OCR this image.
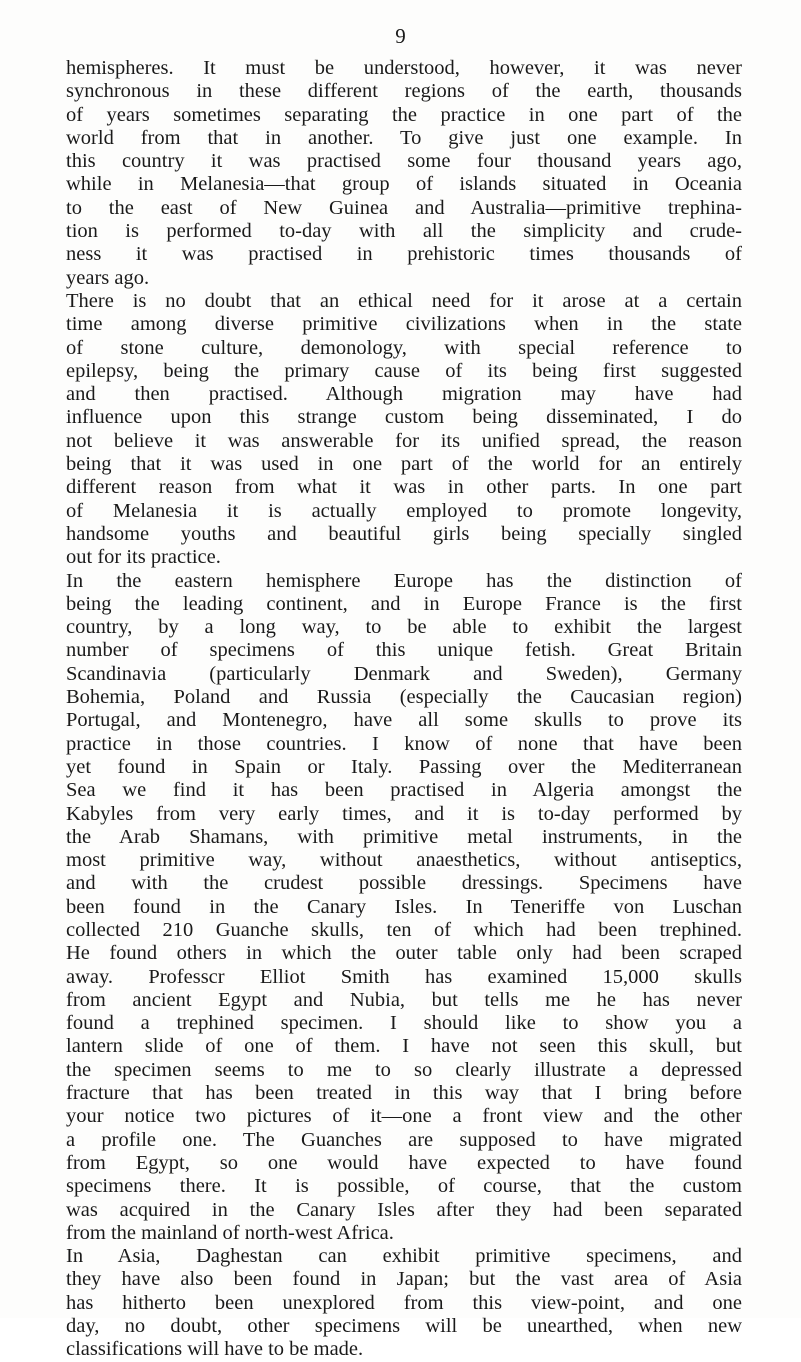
9
hemispheres. It must be understood, however, it was never
synchronous in these different regions of the earth, thousands
of years sometimes separating the practice in one part of the
world from that in another. To give just one example. In
this country it was practised some four thousand years ago,
while in Melanesia—that group of islands situated in Oceania
to the east of New Guinea and Australia—primitive trephina-
tion is performed to-day with all the simplicity and crude-
ness it was practised in prehistoric times thousands of
years ago.
There is no doubt that an ethical need for it arose at a certain
time among diverse primitive civilizations when in the state
of stone culture, demonology, with special reference to
epilepsy, being the primary cause of its being first suggested
and then practised. Although migration may have had
influence upon this strange custom being disseminated, I do
not believe it was answerable for its unified spread, the reason
being that it was used in one part of the world for an entirely
different reason from what it was in other parts. In one part
of Melanesia it is actually employed to promote longevity,
handsome youths and beautiful girls being specially singled
out for its practice.
In the eastern hemisphere Europe has the distinction of
being the leading continent, and in Europe France is the first
country, by a long way, to be able to exhibit the largest
number of specimens of this unique fetish. Great Britain
Scandinavia (particularly Denmark and Sweden), Germany
Bohemia, Poland and Russia (especially the Caucasian region)
Portugal, and Montenegro, have all some skulls to prove its
practice in those countries. I know of none that have been
yet found in Spain or Italy. Passing over the Mediterranean
Sea we find it has been practised in Algeria amongst the
Kabyles from very early times, and it is to-day performed by
the Arab Shamans, with primitive metal instruments, in the
most primitive way, without anaesthetics, without antiseptics,
and with the crudest possible dressings. Specimens have
been found in the Canary Isles. In Teneriffe von Luschan
collected 210 Guanche skulls, ten of which had been trephined.
He found others in which the outer table only had been scraped
away. Professcr Elliot Smith has examined 15,000 skulls
from ancient Egypt and Nubia, but tells me he has never
found a trephined specimen. I should like to show you a
lantern slide of one of them. I have not seen this skull, but
the specimen seems to me to so clearly illustrate a depressed
fracture that has been treated in this way that I bring before
your notice two pictures of it—one a front view and the other
a profile one. The Guanches are supposed to have migrated
from Egypt, so one would have expected to have found
specimens there. It is possible, of course, that the custom
was acquired in the Canary Isles after they had been separated
from the mainland of north-west Africa.
In Asia, Daghestan can exhibit primitive specimens, and
they have also been found in Japan; but the vast area of Asia
has hitherto been unexplored from this view-point, and one
day, no doubt, other specimens will be unearthed, when new
classifications will have to be made.
